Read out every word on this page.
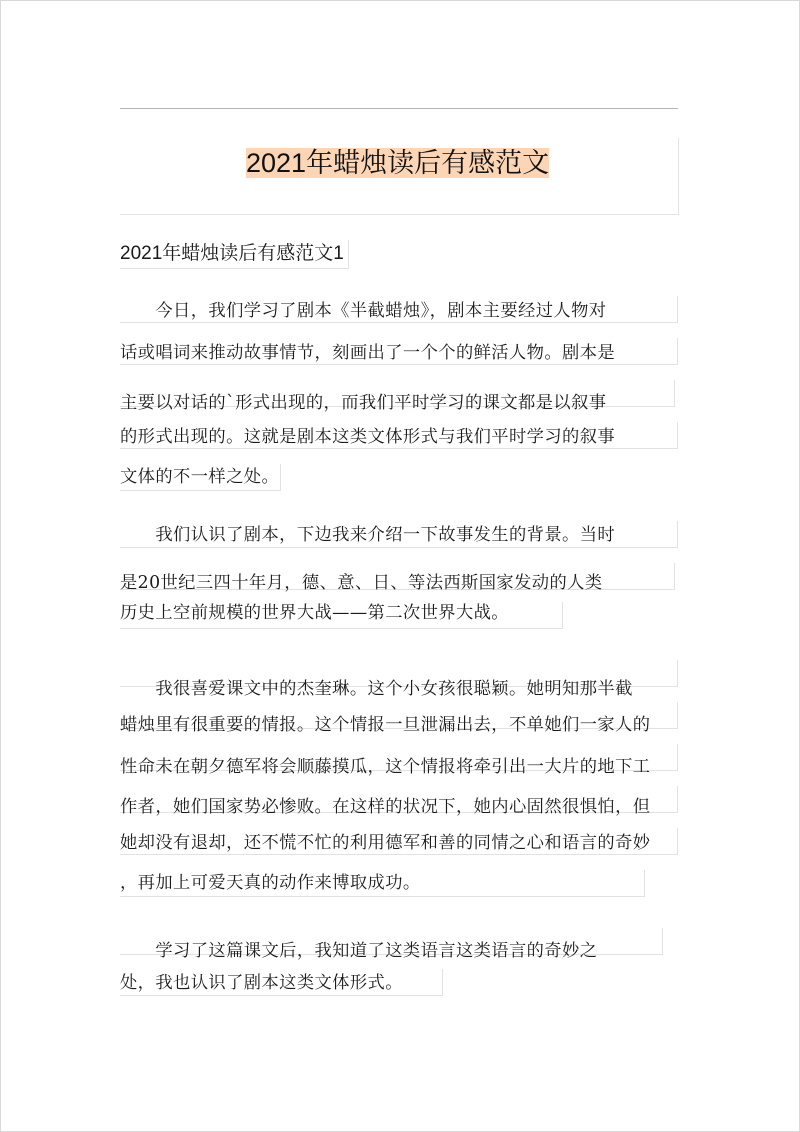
2021年蜡烛读后有感范文
2021年蜡烛读后有感范文1
　　今日，我们学习了剧本《半截蜡烛》，剧本主要经过人物对
话或唱词来推动故事情节，刻画出了一个个的鲜活人物。剧本是
主要以对话的`形式出现的，而我们平时学习的课文都是以叙事
的形式出现的。这就是剧本这类文体形式与我们平时学习的叙事
文体的不一样之处。
　　我们认识了剧本，下边我来介绍一下故事发生的背景。当时
是20世纪三四十年月，德、意、日、等法西斯国家发动的人类
历史上空前规模的世界大战——第二次世界大战。
　　我很喜爱课文中的杰奎琳。这个小女孩很聪颖。她明知那半截
蜡烛里有很重要的情报。这个情报一旦泄漏出去，不单她们一家人的
性命未在朝夕德军将会顺藤摸瓜，这个情报将牵引出一大片的地下工
作者，她们国家势必惨败。在这样的状况下，她内心固然很惧怕，但
她却没有退却，还不慌不忙的利用德军和善的同情之心和语言的奇妙
，再加上可爱天真的动作来博取成功。
　　学习了这篇课文后，我知道了这类语言这类语言的奇妙之
处，我也认识了剧本这类文体形式。
